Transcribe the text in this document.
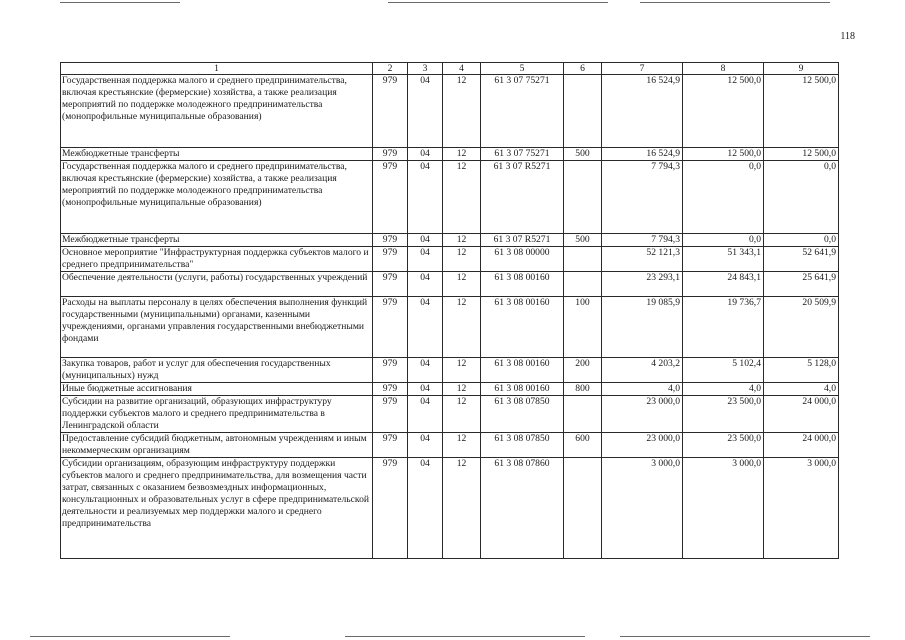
118
1	2	3	4	5	6	7	8	9
Государственная поддержка малого и среднего предпринимательства, включая крестьянские (фермерские) хозяйства, а также реализация мероприятий по поддержке молодежного предпринимательства (монопрофильные муниципальные образования)	979	04	12	61 3 07 75271		16 524,9	12 500,0	12 500,0
Межбюджетные трансферты	979	04	12	61 3 07 75271	500	16 524,9	12 500,0	12 500,0
Государственная поддержка малого и среднего предпринимательства, включая крестьянские (фермерские) хозяйства, а также реализация мероприятий по поддержке молодежного предпринимательства (монопрофильные муниципальные образования)	979	04	12	61 3 07 R5271		7 794,3	0,0	0,0
Межбюджетные трансферты	979	04	12	61 3 07 R5271	500	7 794,3	0,0	0,0
Основное мероприятие "Инфраструктурная поддержка субъектов малого и среднего предпринимательства"	979	04	12	61 3 08 00000		52 121,3	51 343,1	52 641,9
Обеспечение деятельности (услуги, работы) государственных учреждений	979	04	12	61 3 08 00160		23 293,1	24 843,1	25 641,9
Расходы на выплаты персоналу в целях обеспечения выполнения функций государственными (муниципальными) органами, казенными учреждениями, органами управления государственными внебюджетными фондами	979	04	12	61 3 08 00160	100	19 085,9	19 736,7	20 509,9
Закупка товаров, работ и услуг для обеспечения государственных (муниципальных) нужд	979	04	12	61 3 08 00160	200	4 203,2	5 102,4	5 128,0
Иные бюджетные ассигнования	979	04	12	61 3 08 00160	800	4,0	4,0	4,0
Субсидии на развитие организаций, образующих инфраструктуру поддержки субъектов малого и среднего предпринимательства в Ленинградской области	979	04	12	61 3 08 07850		23 000,0	23 500,0	24 000,0
Предоставление субсидий бюджетным, автономным учреждениям и иным некоммерческим организациям	979	04	12	61 3 08 07850	600	23 000,0	23 500,0	24 000,0
Субсидии организациям, образующим инфраструктуру поддержки субъектов малого и среднего предпринимательства, для возмещения части затрат, связанных с оказанием безвозмездных информационных, консультационных и образовательных услуг в сфере предпринимательской деятельности и реализуемых мер поддержки малого и среднего предпринимательства	979	04	12	61 3 08 07860		3 000,0	3 000,0	3 000,0
